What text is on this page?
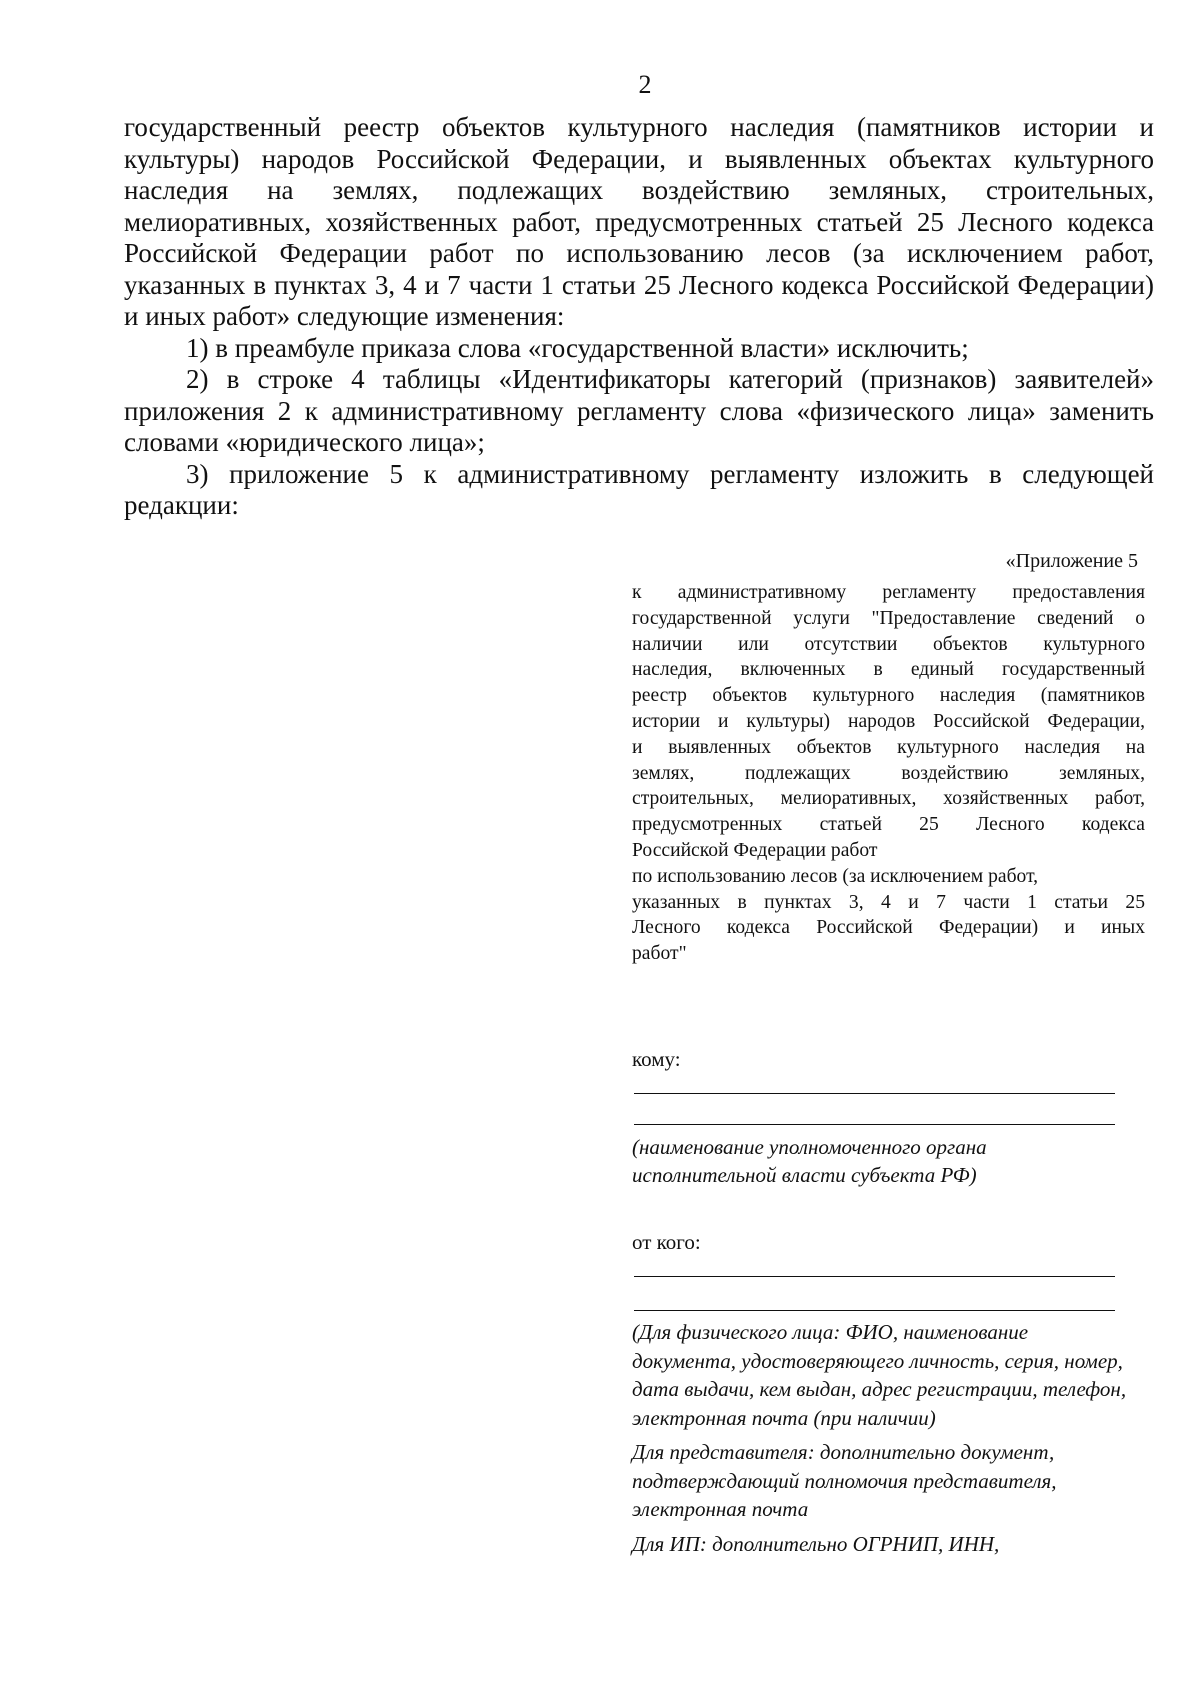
2

государственный реестр объектов культурного наследия (памятников истории и культуры) народов Российской Федерации, и выявленных объектах культурного наследия на землях, подлежащих воздействию земляных, строительных, мелиоративных, хозяйственных работ, предусмотренных статьей 25 Лесного кодекса Российской Федерации работ по использованию лесов (за исключением работ, указанных в пунктах 3, 4 и 7 части 1 статьи 25 Лесного кодекса Российской Федерации) и иных работ» следующие изменения:

1) в преамбуле приказа слова «государственной власти» исключить;

2) в строке 4 таблицы «Идентификаторы категорий (признаков) заявителей» приложения 2 к административному регламенту слова «физического лица» заменить словами «юридического лица»;

3) приложение 5 к административному регламенту изложить в следующей редакции:

«Приложение 5

к административному регламенту предоставления

государственной услуги "Предоставление сведений о

наличии или отсутствии объектов культурного

наследия, включенных в единый государственный

реестр объектов культурного наследия (памятников

истории и культуры) народов Российской Федерации,

и выявленных объектов культурного наследия на

землях, подлежащих воздействию земляных,

строительных, мелиоративных, хозяйственных работ,

предусмотренных статьей 25 Лесного кодекса

Российской Федерации работ

по использованию лесов (за исключением работ,

указанных в пунктах 3, 4 и 7 части 1 статьи 25

Лесного кодекса Российской Федерации) и иных

работ"

кому:

(наименование уполномоченного органа

исполнительной власти субъекта РФ)

от кого:

(Для физического лица: ФИО, наименование документа, удостоверяющего личность, серия, номер, дата выдачи, кем выдан, адрес регистрации, телефон, электронная почта (при наличии)

Для представителя: дополнительно документ, подтверждающий полномочия представителя, электронная почта

Для ИП: дополнительно ОГРНИП, ИНН,
